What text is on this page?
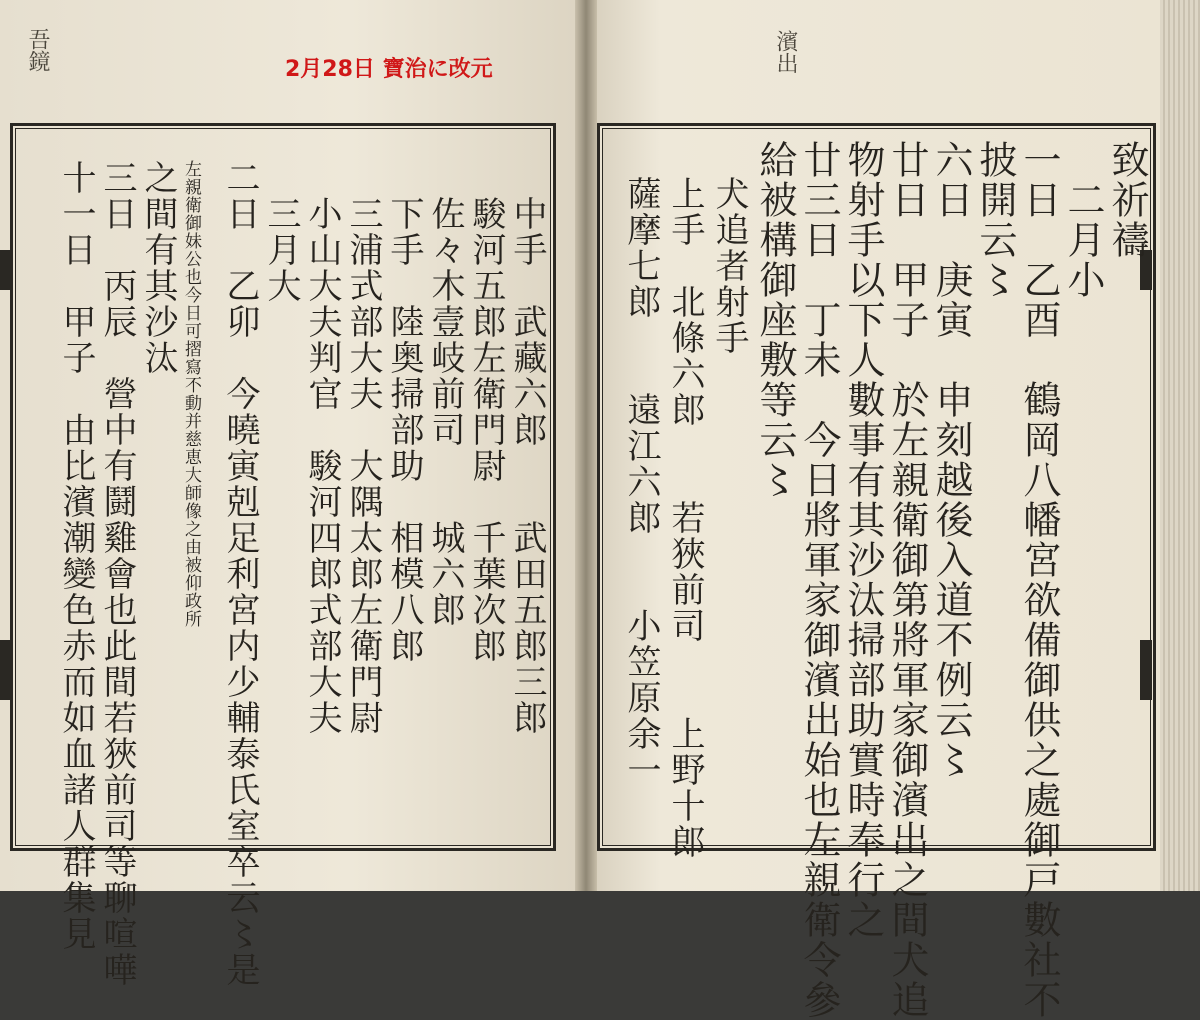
吾鏡	濱出
2月28日 寶治に改元
致祈禱
　二月小
一日　乙酉　鶴岡八幡宮欲備御供之處御戸數社不
披開云〻
六日　庚寅　申刻越後入道不例云〻
廿日　甲子　於左親衛御第將軍家御濱出之間犬追
物射手以下人數事有其沙汰掃部助實時奉行之
廿三日　丁未　今日將軍家御濱出始也左親衛令參
給被構御座敷等云〻
　犬追者射手
　上手　北條六郎　　若狹前司　　上野十郎
　薩摩七郎　　遠江六郎　　小笠原余一
　中手　武藏六郎　　武田五郎三郎
　駿河五郎左衛門尉　千葉次郎
　佐々木壹岐前司　　城六郎
　下手　陸奥掃部助　相模八郎
　三浦式部大夫　大隅太郎左衛門尉
　小山大夫判官　駿河四郎式部大夫
　三月大
二日　乙卯　今曉寅剋足利宮内少輔泰氏室卒云〻是
左親衛御妹公也今日可摺寫不動并慈恵大師像之由被仰政所
之間有其沙汰
三日　丙辰　營中有鬪雞會也此間若狹前司等聊喧嘩
十一日　甲子　由比濱潮變色赤而如血諸人群集見
